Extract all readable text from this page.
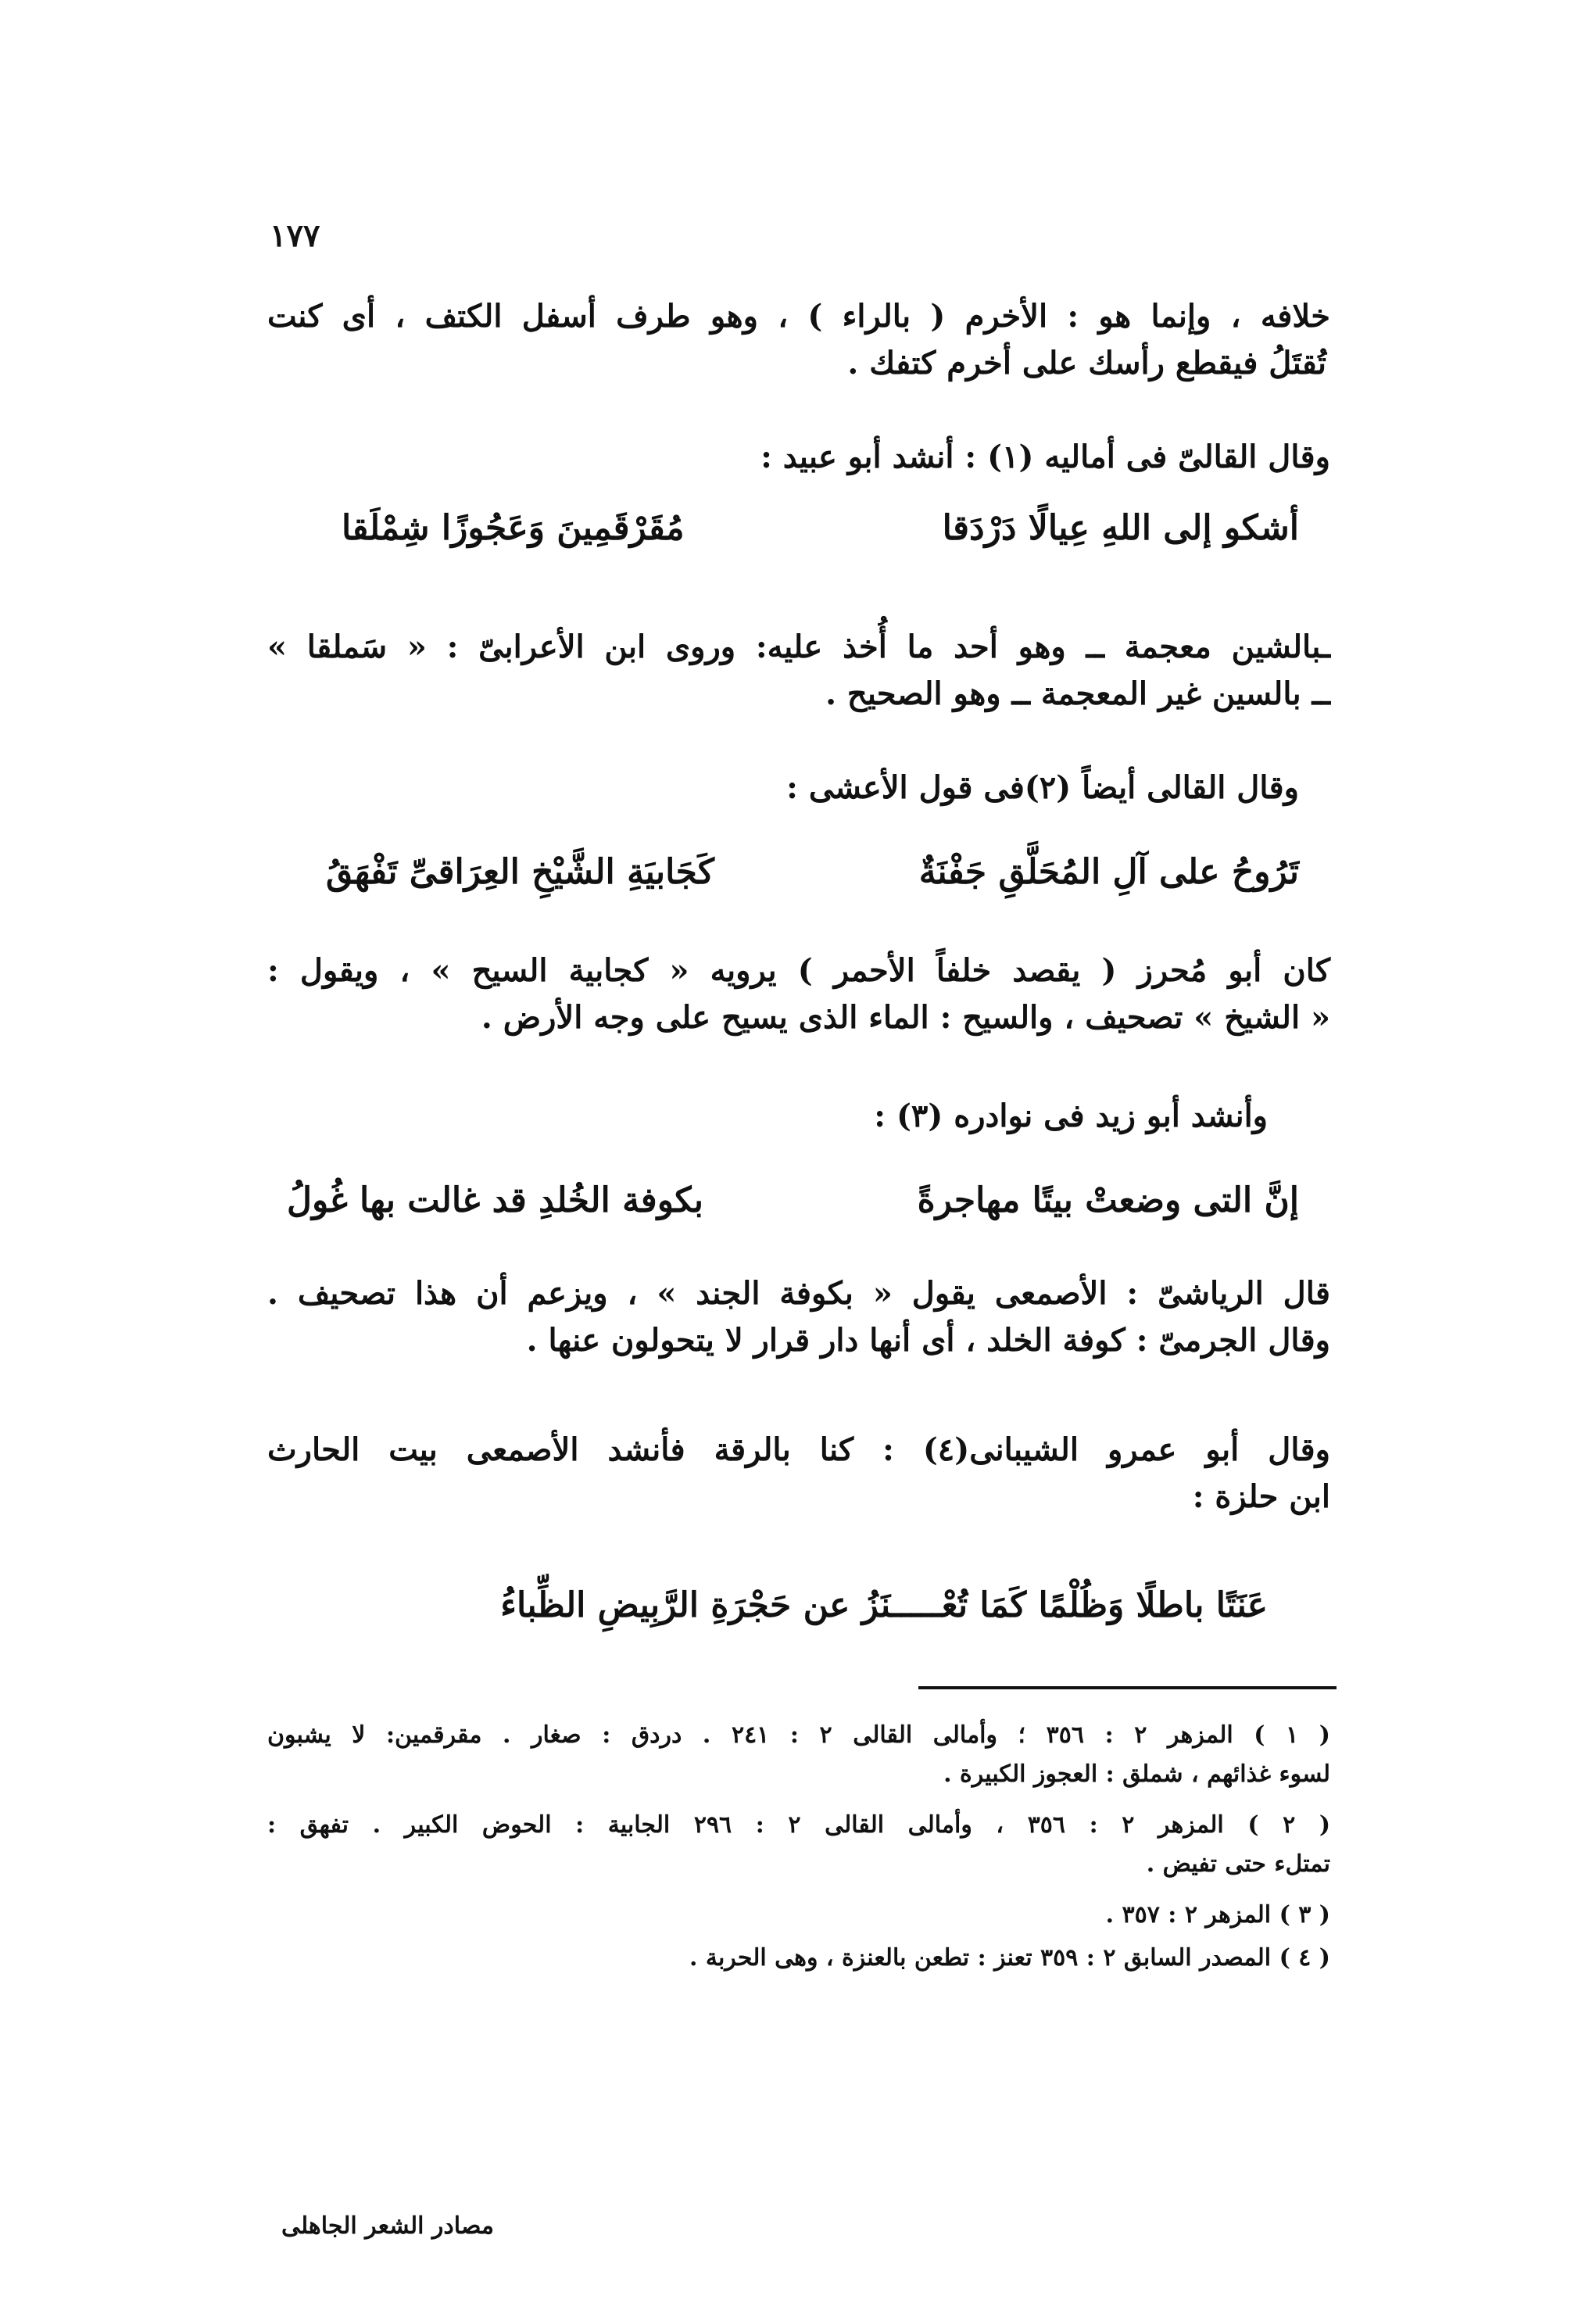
١٧٧
خلافه ، وإنما هو : الأخرم ( بالراء ) ، وهو طرف أسفل الكتف ، أى كنت
تُقتَلُ فيقطع رأسك على أخرم كتفك .
وقال القالىّ فى أماليه (١) : أنشد أبو عبيد :
أشكو إلى اللهِ عِيالًا دَرْدَقا
مُقَرْقَمِينَ وَعَجُوزًا شِمْلَقا
ـبالشين معجمة ــ وهو أحد ما أُخذ عليه: وروى ابن الأعرابىّ : « سَملقا »
ــ بالسين غير المعجمة ــ وهو الصحيح .
وقال القالى أيضاً (٢)فى قول الأعشى :
تَرُوحُ على آلِ المُحَلَّقِ جَفْنَةٌ
كَجَابيَةِ الشَّيْخِ العِرَاقىِّ تَفْهَقُ
كان أبو مُحرز ( يقصد خلفاً الأحمر ) يرويه « كجابية السيح » ، ويقول :
« الشيخ » تصحيف ، والسيح : الماء الذى يسيح على وجه الأرض .
وأنشد أبو زيد فى نوادره (٣) :
إنَّ التى وضعتْ بيتًا مهاجرةً
بكوفة الخُلدِ قد غالت بها غُولُ
قال الرياشىّ : الأصمعى يقول « بكوفة الجند » ، ويزعم أن هذا تصحيف .
وقال الجرمىّ : كوفة الخلد ، أى أنها دار قرار لا يتحولون عنها .
وقال أبو عمرو الشيبانى(٤) : كنا بالرقة فأنشد الأصمعى بيت الحارث
ابن حلزة :
عَنَتًا باطلًا وَظُلْمًا كَمَا تُعْـــــنَزُ عن حَجْرَةِ الرَّبِيضِ الظِّباءُ
( ١ ) المزهر ٢ : ٣٥٦ ؛ وأمالى القالى ٢ : ٢٤١ . دردق : صغار . مقرقمين: لا يشبون
لسوء غذائهم ، شملق : العجوز الكبيرة .
( ٢ ) المزهر ٢ : ٣٥٦ ، وأمالى القالى ٢ : ٢٩٦ الجابية : الحوض الكبير . تفهق :
تمتلء حتى تفيض .
( ٣ ) المزهر ٢ : ٣٥٧ .
( ٤ ) المصدر السابق ٢ : ٣٥٩ تعنز : تطعن بالعنزة ، وهى الحربة .
مصادر الشعر الجاهلى
